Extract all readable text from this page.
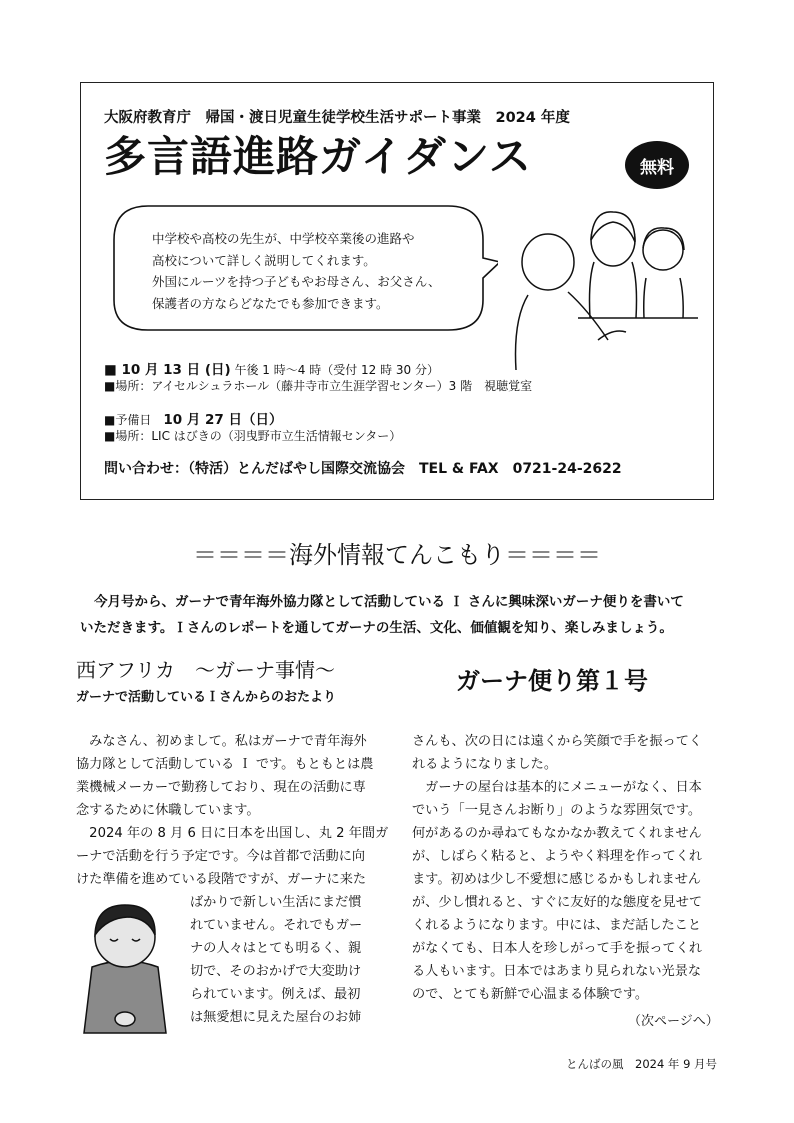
大阪府教育庁　帰国・渡日児童生徒学校生活サポート事業　2024 年度
多言語進路ガイダンス	無料
中学校や高校の先生が、中学校卒業後の進路や
高校について詳しく説明してくれます。
外国にルーツを持つ子どもやお母さん、お父さん、
保護者の方ならどなたでも参加できます。
■ 10 月 13 日 (日) 午後 1 時～4 時（受付 12 時 30 分）
■場所：アイセルシュラホール（藤井寺市立生涯学習センター）3 階　視聴覚室
■予備日　10 月 27 日（日）
■場所：LIC はびきの（羽曳野市立生活情報センター）
問い合わせ：（特活）とんだばやし国際交流協会　TEL & FAX　0721-24-2622
＝＝＝＝海外情報てんこもり＝＝＝＝
今月号から、ガーナで青年海外協力隊として活動している Ｉ さんに興味深いガーナ便りを書いて
いただきます。Ｉさんのレポートを通してガーナの生活、文化、価値観を知り、楽しみましょう。
西アフリカ　～ガーナ事情～
ガーナで活動しているＩさんからのおたより
ガーナ便り第１号
　みなさん、初めまして。私はガーナで青年海外
協力隊として活動している Ｉ です。もともとは農
業機械メーカーで勤務しており、現在の活動に専
念するために休職しています。
　2024 年の 8 月 6 日に日本を出国し、丸 2 年間ガ
ーナで活動を行う予定です。今は首都で活動に向
けた準備を進めている段階ですが、ガーナに来た
ばかりで新しい生活にまだ慣
れていません。それでもガー
ナの人々はとても明るく、親
切で、そのおかげで大変助け
られています。例えば、最初
は無愛想に見えた屋台のお姉
さんも、次の日には遠くから笑顔で手を振ってく
れるようになりました。
　ガーナの屋台は基本的にメニューがなく、日本
でいう「一見さんお断り」のような雰囲気です。
何があるのか尋ねてもなかなか教えてくれません
が、しばらく粘ると、ようやく料理を作ってくれ
ます。初めは少し不愛想に感じるかもしれません
が、少し慣れると、すぐに友好的な態度を見せて
くれるようになります。中には、まだ話したこと
がなくても、日本人を珍しがって手を振ってくれ
る人もいます。日本ではあまり見られない光景な
ので、とても新鮮で心温まる体験です。
（次ページへ）
とんばの風　2024 年 9 月号
